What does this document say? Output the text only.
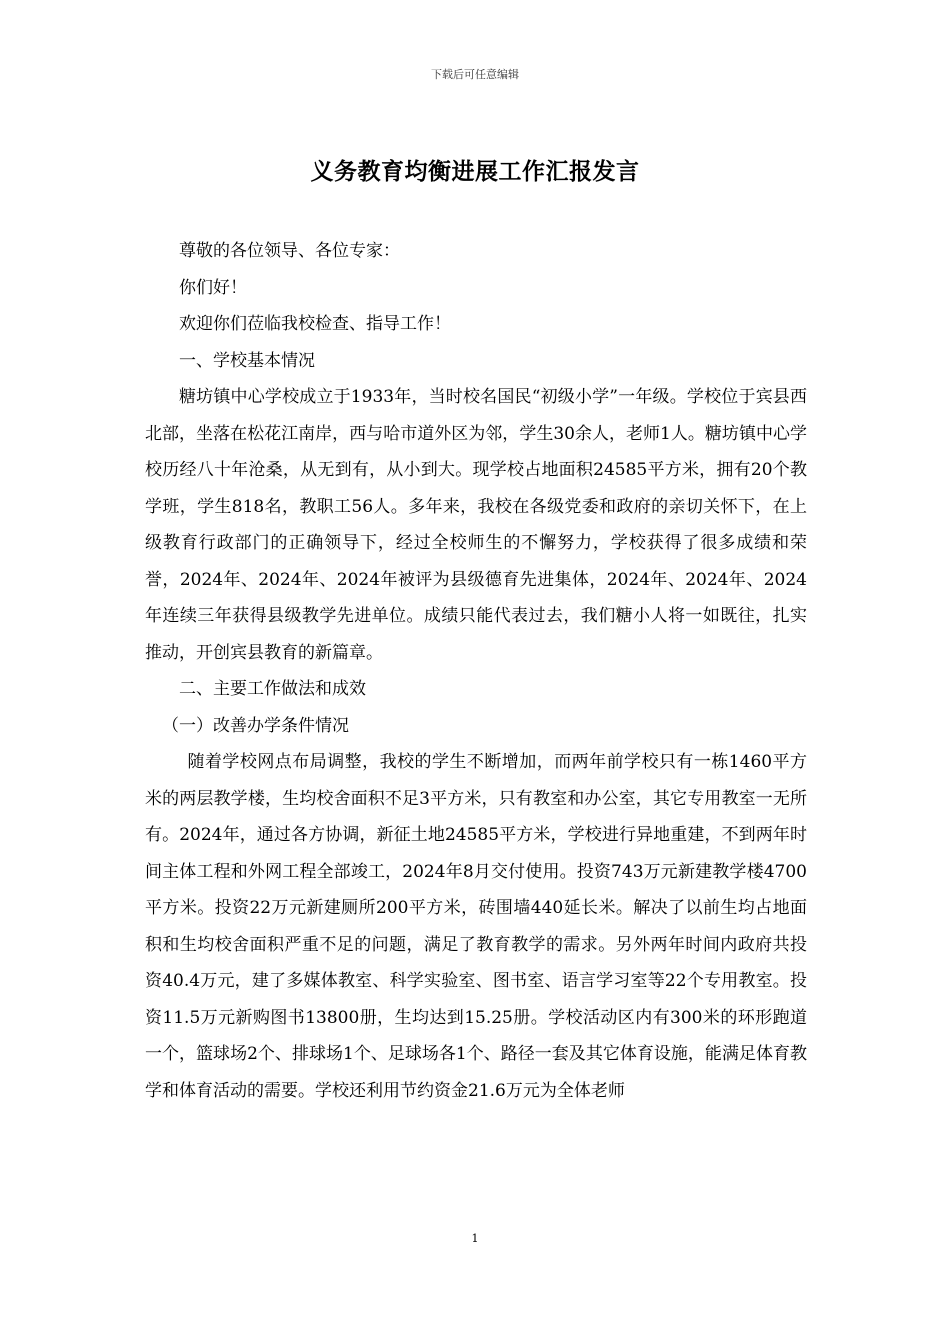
下载后可任意编辑
义务教育均衡进展工作汇报发言

尊敬的各位领导、各位专家：

你们好！

欢迎你们莅临我校检查、指导工作！

一、学校基本情况

糖坊镇中心学校成立于1933年，当时校名国民“初级小学”一年级。学校位于宾县西北部，坐落在松花江南岸，西与哈市道外区为邻，学生30余人，老师1人。糖坊镇中心学校历经八十年沧桑，从无到有，从小到大。现学校占地面积24585平方米，拥有20个教学班，学生818名，教职工56人。多年来，我校在各级党委和政府的亲切关怀下，在上级教育行政部门的正确领导下，经过全校师生的不懈努力，学校获得了很多成绩和荣誉，2024年、2024年、2024年被评为县级德育先进集体，2024年、2024年、2024年连续三年获得县级教学先进单位。成绩只能代表过去，我们糖小人将一如既往，扎实推动，开创宾县教育的新篇章。

二、主要工作做法和成效

（一）改善办学条件情况

随着学校网点布局调整，我校的学生不断增加，而两年前学校只有一栋1460平方米的两层教学楼，生均校舍面积不足3平方米，只有教室和办公室，其它专用教室一无所有。2024年，通过各方协调，新征土地24585平方米，学校进行异地重建，不到两年时间主体工程和外网工程全部竣工，2024年8月交付使用。投资743万元新建教学楼4700平方米。投资22万元新建厕所200平方米，砖围墙440延长米。解决了以前生均占地面积和生均校舍面积严重不足的问题，满足了教育教学的需求。另外两年时间内政府共投资40.4万元，建了多媒体教室、科学实验室、图书室、语言学习室等22个专用教室。投资11.5万元新购图书13800册，生均达到15.25册。学校活动区内有300米的环形跑道一个，篮球场2个、排球场1个、足球场各1个、路径一套及其它体育设施，能满足体育教学和体育活动的需要。学校还利用节约资金21.6万元为全体老师

1
